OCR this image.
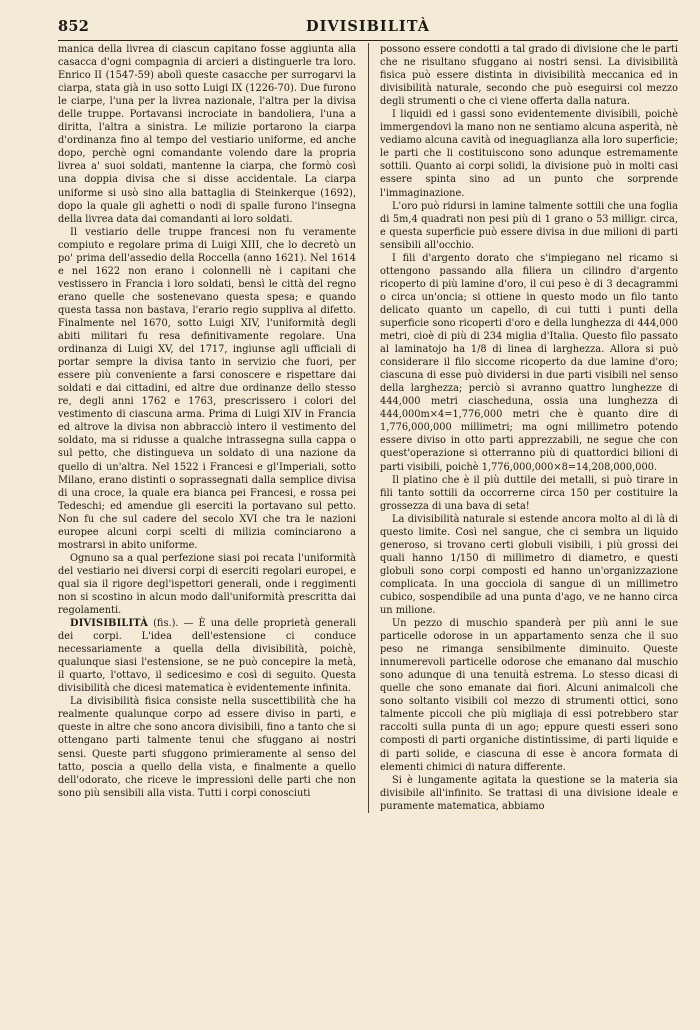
852	DIVISIBILITÀ

manica della livrea di ciascun capitano fosse aggiunta alla casacca d'ogni compagnia di arcieri a distinguerle tra loro. Enrico II (1547-59) abolì queste casacche per surrogarvi la ciarpa, stata già in uso sotto Luigi IX (1226-70). Due furono le ciarpe, l'una per la livrea nazionale, l'altra per la divisa delle truppe. Portavansi incrociate in bandoliera, l'una a diritta, l'altra a sinistra. Le milizie portarono la ciarpa d'ordinanza fino al tempo del vestiario uniforme, ed anche dopo, perchè ogni comandante volendo dare la propria livrea a' suoi soldati, mantenne la ciarpa, che formò così una doppia divisa che si disse accidentale. La ciarpa uniforme si usò sino alla battaglia di Steinkerque (1692), dopo la quale gli aghetti o nodi di spalle furono l'insegna della livrea data dai comandanti ai loro soldati.

Il vestiario delle truppe francesi non fu veramente compiuto e regolare prima di Luigi XIII, che lo decretò un po' prima dell'assedio della Roccella (anno 1621). Nel 1614 e nel 1622 non erano i colonnelli nè i capitani che vestissero in Francia i loro soldati, bensì le città del regno erano quelle che sostenevano questa spesa; e quando questa tassa non bastava, l'erario regio suppliva al difetto. Finalmente nel 1670, sotto Luigi XIV, l'uniformità degli abiti militari fu resa definitivamente regolare. Una ordinanza di Luigi XV, del 1717, ingiunse agli ufficiali di portar sempre la divisa tanto in servizio che fuori, per essere più conveniente a farsi conoscere e rispettare dai soldati e dai cittadini, ed altre due ordinanze dello stesso re, degli anni 1762 e 1763, prescrissero i colori del vestimento di ciascuna arma. Prima di Luigi XIV in Francia ed altrove la divisa non abbracciò intero il vestimento del soldato, ma si ridusse a qualche intrassegna sulla cappa o sul petto, che distingueva un soldato di una nazione da quello di un'altra. Nel 1522 i Francesi e gl'Imperiali, sotto Milano, erano distinti o soprassegnati dalla semplice divisa di una croce, la quale era bianca pei Francesi, e rossa pei Tedeschi; ed amendue gli eserciti la portavano sul petto. Non fu che sul cadere del secolo XVI che tra le nazioni europee alcuni corpi scelti di milizia cominciarono a mostrarsi in abito uniforme.

Ognuno sa a qual perfezione siasi poi recata l'uniformità del vestiario nei diversi corpi di eserciti regolari europei, e qual sia il rigore degl'ispettori generali, onde i reggimenti non si scostino in alcun modo dall'uniformità prescritta dai regolamenti.

DIVISIBILITÀ (fis.). — È una delle proprietà generali dei corpi. L'idea dell'estensione ci conduce necessariamente a quella della divisibilità, poichè, qualunque siasi l'estensione, se ne può concepire la metà, il quarto, l'ottavo, il sedicesimo e così di seguito. Questa divisibilità che dicesi matematica è evidentemente infinita.

La divisibilità fisica consiste nella suscettibilità che ha realmente qualunque corpo ad essere diviso in parti, e queste in altre che sono ancora divisibili, fino a tanto che si ottengano parti talmente tenui che sfuggano ai nostri sensi. Queste parti sfuggono primieramente al senso del tatto, poscia a quello della vista, e finalmente a quello dell'odorato, che riceve le impressioni delle parti che non sono più sensibili alla vista. Tutti i corpi conosciuti

possono essere condotti a tal grado di divisione che le parti che ne risultano sfuggano ai nostri sensi. La divisibilità fisica può essere distinta in divisibilità meccanica ed in divisibilità naturale, secondo che può eseguirsi col mezzo degli strumenti o che ci viene offerta dalla natura.

I liquidi ed i gassi sono evidentemente divisibili, poichè immergendovi la mano non ne sentiamo alcuna asperità, nè vediamo alcuna cavità od ineguaglianza alla loro superficie; le parti che li costituiscono sono adunque estremamente sottili. Quanto ai corpi solidi, la divisione può in molti casi essere spinta sino ad un punto che sorprende l'immaginazione.

L'oro può ridursi in lamine talmente sottili che una foglia di 5m,4 quadrati non pesi più di 1 grano o 53 milligr. circa, e questa superficie può essere divisa in due milioni di parti sensibili all'occhio.

I fili d'argento dorato che s'impiegano nel ricamo si ottengono passando alla filiera un cilindro d'argento ricoperto di più lamine d'oro, il cui peso è di 3 decagrammi o circa un'oncia; si ottiene in questo modo un filo tanto delicato quanto un capello, di cui tutti i punti della superficie sono ricoperti d'oro e della lunghezza di 444,000 metri, cioè di più di 234 miglia d'Italia. Questo filo passato al laminatojo ha 1/8 di linea di larghezza. Allora si può considerare il filo siccome ricoperto da due lamine d'oro; ciascuna di esse può dividersi in due parti visibili nel senso della larghezza; perciò si avranno quattro lunghezze di 444,000 metri ciascheduna, ossia una lunghezza di 444,000m×4=1,776,000 metri che è quanto dire di 1,776,000,000 millimetri; ma ogni millimetro potendo essere diviso in otto parti apprezzabili, ne segue che con quest'operazione si otterranno più di quattordici bilioni di parti visibili, poichè 1,776,000,000×8=14,208,000,000.

Il platino che è il più duttile dei metalli, si può tirare in fili tanto sottili da occorrerne circa 150 per costituire la grossezza di una bava di seta!

La divisibilità naturale si estende ancora molto al di là di questo limite. Così nel sangue, che ci sembra un liquido generoso, si trovano certi globuli visibili, i più grossi dei quali hanno 1/150 di millimetro di diametro, e questi globuli sono corpi composti ed hanno un'organizzazione complicata. In una gocciola di sangue di un millimetro cubico, sospendibile ad una punta d'ago, ve ne hanno circa un milione.

Un pezzo di muschio spanderà per più anni le sue particelle odorose in un appartamento senza che il suo peso ne rimanga sensibilmente diminuito. Queste innumerevoli particelle odorose che emanano dal muschio sono adunque di una tenuità estrema. Lo stesso dicasi di quelle che sono emanate dai fiori. Alcuni animalcoli che sono soltanto visibili col mezzo di strumenti ottici, sono talmente piccoli che più migliaja di essi potrebbero star raccolti sulla punta di un ago; eppure questi esseri sono composti di parti organiche distintissime, di parti liquide e di parti solide, e ciascuna di esse è ancora formata di elementi chimici di natura differente.

Si è lungamente agitata la questione se la materia sia divisibile all'infinito. Se trattasi di una divisione ideale e puramente matematica, abbiamo
